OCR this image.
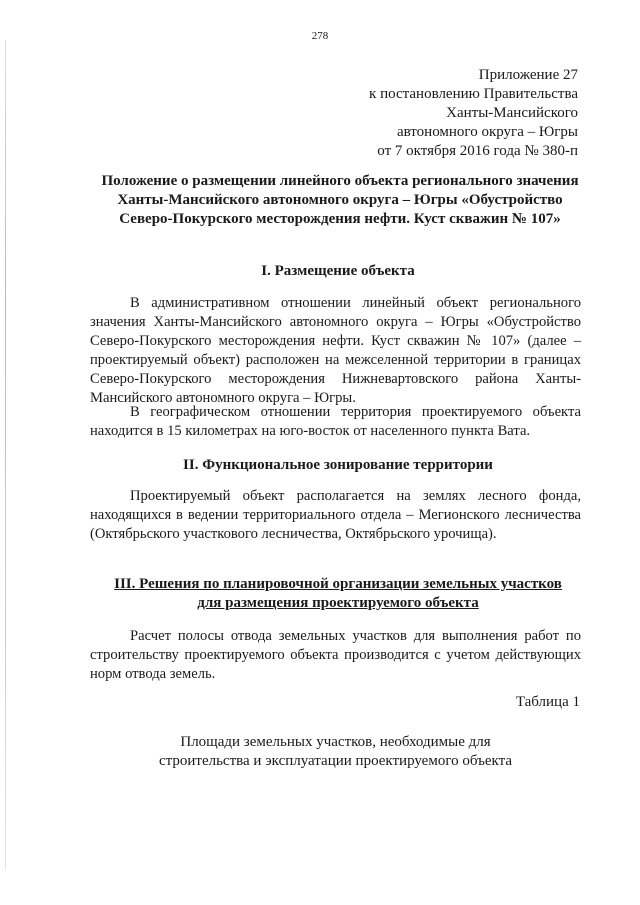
278
Приложение 27
к постановлению Правительства
Ханты-Мансийского
автономного округа – Югры
от 7 октября 2016 года № 380-п
Положение о размещении линейного объекта регионального значения Ханты-Мансийского автономного округа – Югры «Обустройство Северо-Покурского месторождения нефти. Куст скважин № 107»
I. Размещение объекта
В административном отношении линейный объект регионального значения Ханты-Мансийского автономного округа – Югры «Обустройство Северо-Покурского месторождения нефти. Куст скважин № 107» (далее – проектируемый объект) расположен на межселенной территории в границах Северо-Покурского месторождения Нижневартовского района Ханты-Мансийского автономного округа – Югры.
В географическом отношении территория проектируемого объекта находится в 15 километрах на юго-восток от населенного пункта Вата.
II. Функциональное зонирование территории
Проектируемый объект располагается на землях лесного фонда, находящихся в ведении территориального отдела – Мегионского лесничества (Октябрьского участкового лесничества, Октябрьского урочища).
III. Решения по планировочной организации земельных участков
для размещения проектируемого объекта
Расчет полосы отвода земельных участков для выполнения работ по строительству проектируемого объекта производится с учетом действующих норм отвода земель.
Таблица 1
Площади земельных участков, необходимые для
строительства и эксплуатации проектируемого объекта
